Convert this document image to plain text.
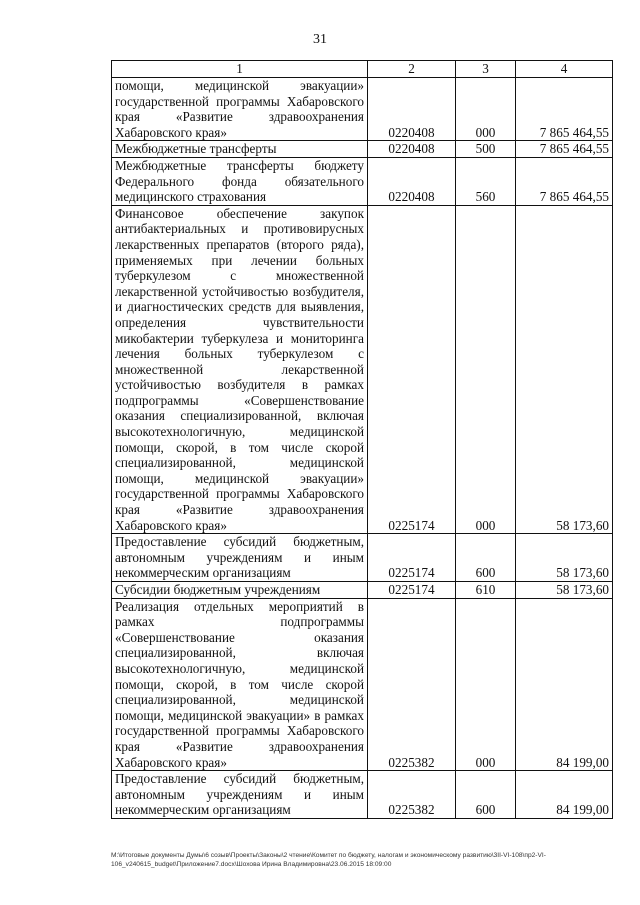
31
1	2	3	4
помощи, медицинской эвакуации» государственной программы Хабаровского края «Развитие здравоохранения Хабаровского края»	0220408	000	7 865 464,55
Межбюджетные трансферты	0220408	500	7 865 464,55
Межбюджетные трансферты бюджету Федерального фонда обязательного медицинского страхования	0220408	560	7 865 464,55
Финансовое обеспечение закупок антибактериальных и противовирусных лекарственных препаратов (второго ряда), применяемых при лечении больных туберкулезом с множественной лекарственной устойчивостью возбудителя, и диагностических средств для выявления, определения чувствительности микобактерии туберкулеза и мониторинга лечения больных туберкулезом с множественной лекарственной устойчивостью возбудителя в рамках подпрограммы «Совершенствование оказания специализированной, включая высокотехнологичную, медицинской помощи, скорой, в том числе скорой специализированной, медицинской помощи, медицинской эвакуации» государственной программы Хабаровского края «Развитие здравоохранения Хабаровского края»	0225174	000	58 173,60
Предоставление субсидий бюджетным, автономным учреждениям и иным некоммерческим организациям	0225174	600	58 173,60
Субсидии бюджетным учреждениям	0225174	610	58 173,60
Реализация отдельных мероприятий в рамках подпрограммы «Совершенствование оказания специализированной, включая высокотехнологичную, медицинской помощи, скорой, в том числе скорой специализированной, медицинской помощи, медицинской эвакуации» в рамках государственной программы Хабаровского края «Развитие здравоохранения Хабаровского края»	0225382	000	84 199,00
Предоставление субсидий бюджетным, автономным учреждениям и иным некоммерческим организациям	0225382	600	84 199,00
M:\Итоговые документы Думы\6 созыв\Проекты\Законы\2 чтение\Комитет по бюджету, налогам и экономическому развитию\3II-VI-108\пр2-VI-106_v240615_budget\Приложение7.docx\Шохова Ирина Владимировна\23.06.2015 18:09:00
